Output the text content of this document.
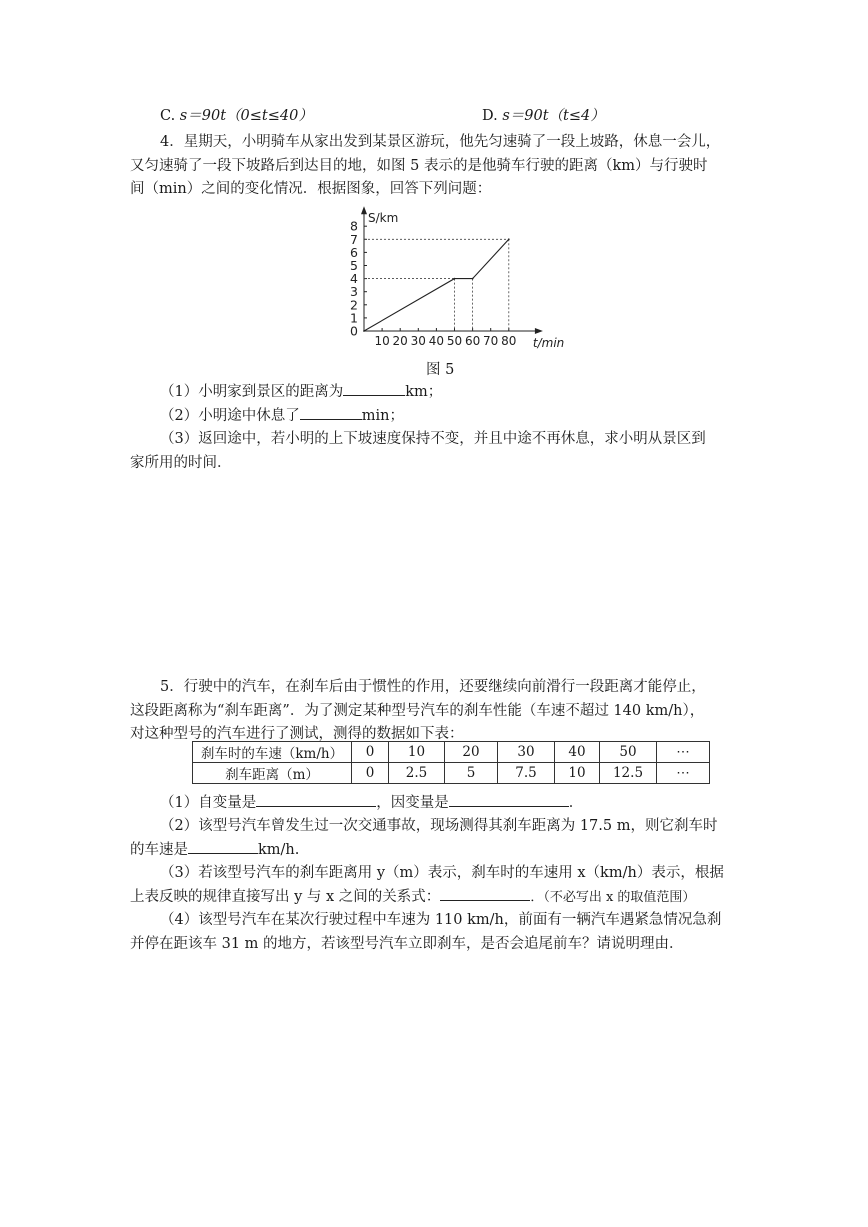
C. s＝90t（0≤t≤40）	D. s＝90t（t≤4）
4．星期天，小明骑车从家出发到某景区游玩，他先匀速骑了一段上坡路，休息一会儿，
又匀速骑了一段下坡路后到达目的地，如图 5 表示的是他骑车行驶的距离（km）与行驶时
间（min）之间的变化情况．根据图象，回答下列问题：
0
1
2
3
4
5
6
7
8
10 20 30 40 50 60 70 80
S/km
t/min
图 5
（1）小明家到景区的距离为	km；
（2）小明途中休息了	min；
（3）返回途中，若小明的上下坡速度保持不变，并且中途不再休息，求小明从景区到
家所用的时间．
5．行驶中的汽车，在刹车后由于惯性的作用，还要继续向前滑行一段距离才能停止，
这段距离称为“刹车距离”．为了测定某种型号汽车的刹车性能（车速不超过 140 km/h），
对这种型号的汽车进行了测试，测得的数据如下表：
刹车时的车速（km/h）	0	10	20	30	40	50	⋯
刹车距离（m）	0	2.5	5	7.5	10	12.5	⋯
（1）自变量是	，因变量是	．
（2）该型号汽车曾发生过一次交通事故，现场测得其刹车距离为 17.5 m，则它刹车时
的车速是	km/h.
（3）若该型号汽车的刹车距离用 y（m）表示，刹车时的车速用 x（km/h）表示，根据
上表反映的规律直接写出 y 与 x 之间的关系式：	．（不必写出 x 的取值范围）
（4）该型号汽车在某次行驶过程中车速为 110 km/h，前面有一辆汽车遇紧急情况急刹
并停在距该车 31 m 的地方，若该型号汽车立即刹车，是否会追尾前车？请说明理由．
